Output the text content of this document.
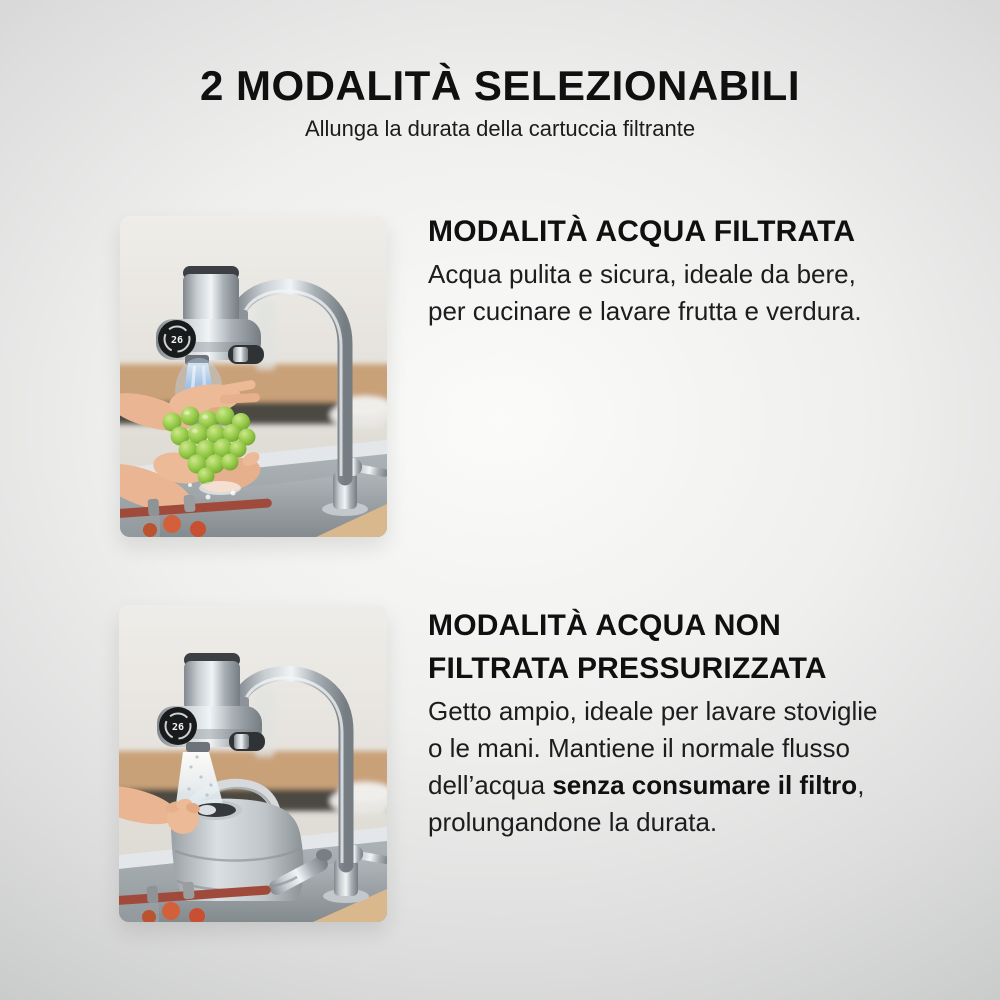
2 MODALITÀ SELEZIONABILI

Allunga la durata della cartuccia filtrante

26
MODALITÀ ACQUA FILTRATA

Acqua pulita e sicura, ideale da bere, per cucinare e lavare frutta e verdura.

26
MODALITÀ ACQUA NON FILTRATA PRESSURIZZATA

Getto ampio, ideale per lavare stoviglie o le mani. Mantiene il normale flusso dell’acqua senza consumare il filtro, prolungandone la durata.
